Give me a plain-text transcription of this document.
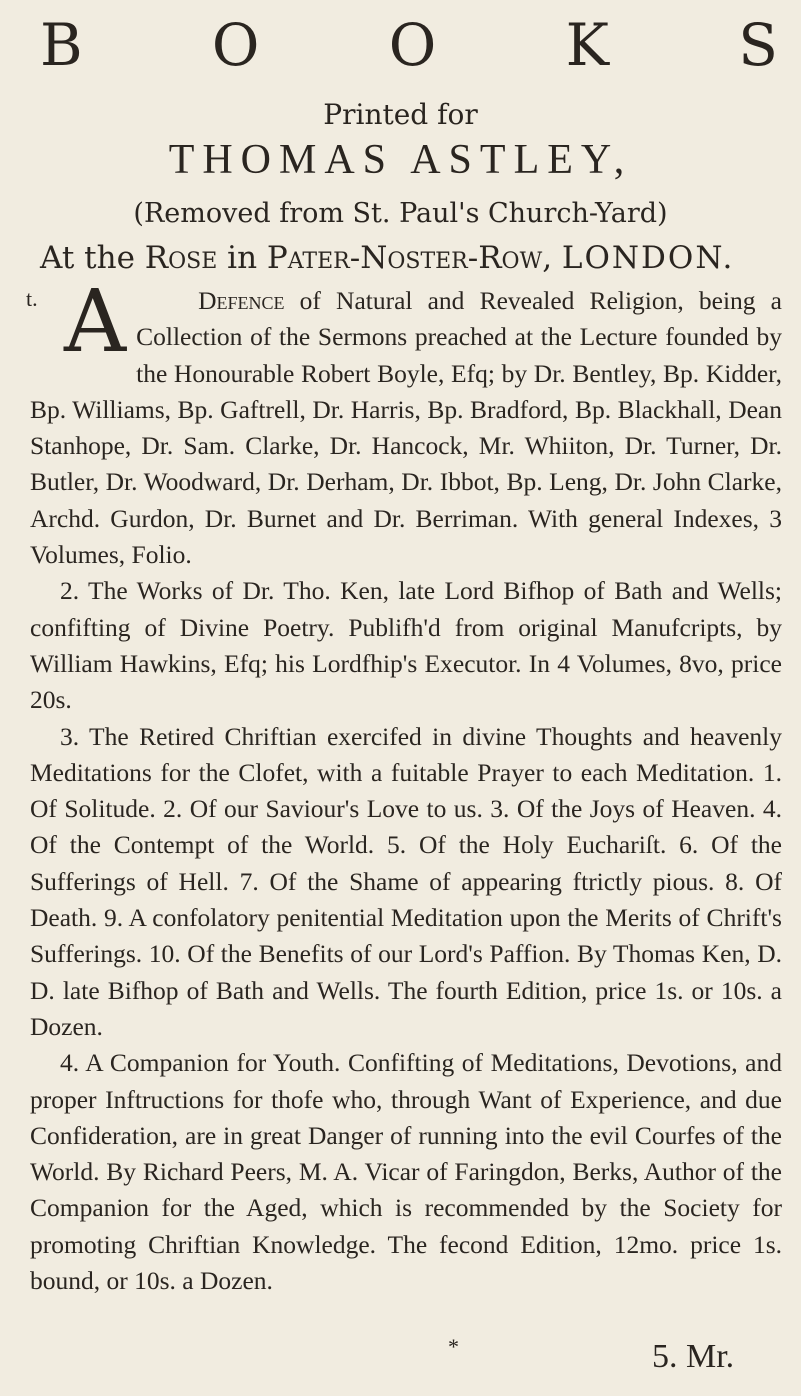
B O O K S
Printed for
THOMAS ASTLEY,
(Removed from St. Paul's Church-Yard)
At the Rose in Pater-Noster-Row, LONDON.

t. A	Defence of Natural and Revealed Religion, being a Collection of the Sermons preached at the Lecture founded by the Honourable Robert Boyle, Efq; by Dr. Bentley, Bp. Kidder, Bp. Williams, Bp. Gaftrell, Dr. Harris, Bp. Bradford, Bp. Blackhall, Dean Stanhope, Dr. Sam. Clarke, Dr. Hancock, Mr. Whiiton, Dr. Turner, Dr. Butler, Dr. Woodward, Dr. Derham, Dr. Ibbot, Bp. Leng, Dr. John Clarke, Archd. Gurdon, Dr. Burnet and Dr. Berriman. With general Indexes, 3 Volumes, Folio.

2. The Works of Dr. Tho. Ken, late Lord Bifhop of Bath and Wells; confifting of Divine Poetry. Publifh'd from original Manufcripts, by William Hawkins, Efq; his Lordfhip's Executor. In 4 Volumes, 8vo, price 20s.

3. The Retired Chriftian exercifed in divine Thoughts and heavenly Meditations for the Clofet, with a fuitable Prayer to each Meditation. 1. Of Solitude. 2. Of our Saviour's Love to us. 3. Of the Joys of Heaven. 4. Of the Contempt of the World. 5. Of the Holy Euchariſt. 6. Of the Sufferings of Hell. 7. Of the Shame of appearing ftrictly pious. 8. Of Death. 9. A confolatory penitential Meditation upon the Merits of Chrift's Sufferings. 10. Of the Benefits of our Lord's Paffion. By Thomas Ken, D. D. late Bifhop of Bath and Wells. The fourth Edition, price 1s. or 10s. a Dozen.

4. A Companion for Youth. Confifting of Meditations, Devotions, and proper Inftructions for thofe who, through Want of Experience, and due Confideration, are in great Danger of running into the evil Courfes of the World. By Richard Peers, M. A. Vicar of Faringdon, Berks, Author of the Companion for the Aged, which is recommended by the Society for promoting Chriftian Knowledge. The fecond Edition, 12mo. price 1s. bound, or 10s. a Dozen.

*	5. Mr.
